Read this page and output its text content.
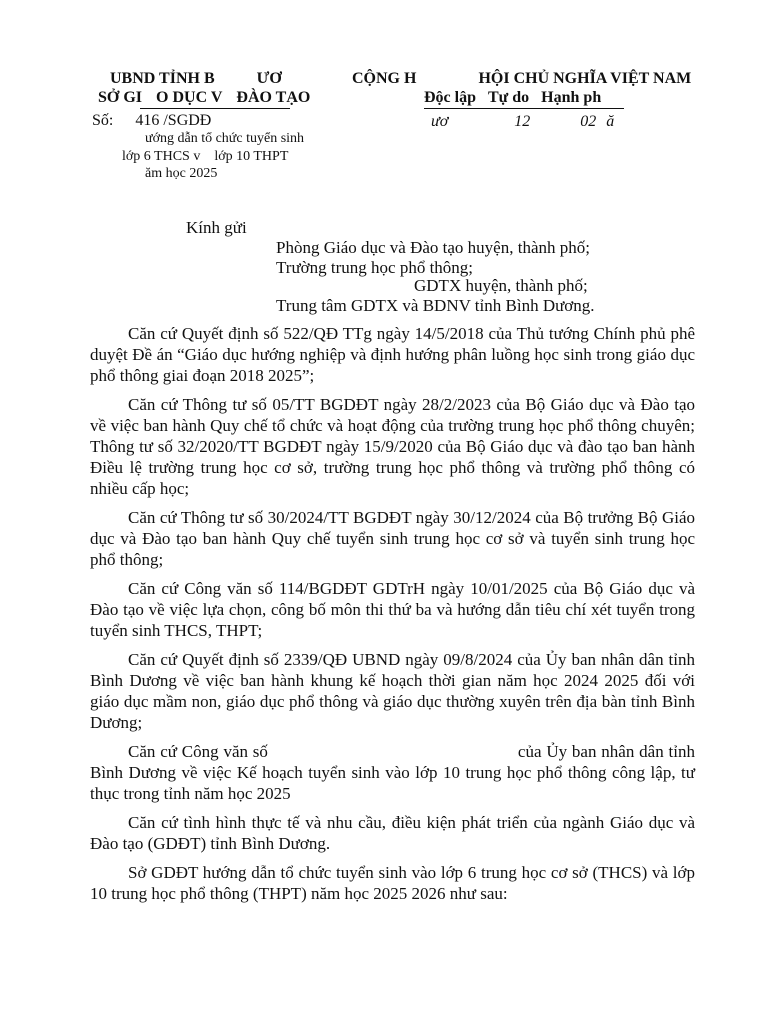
UBND TỈNH B	ƯƠ
SỞ GI O DỤC V ĐÀO TẠO
CỘNG H	HỘI CHỦ NGHĨA VIỆT NAM
Độc lập Tự do Hạnh ph
Số: 416 /SGDĐ	ươ	12	02 ă
ướng dẫn tổ chức tuyển sinh
lớp 6 THCS v lớp 10 THPT
ăm học 2025
Kính gửi
Phòng Giáo dục và Đào tạo huyện, thành phố;
Trường trung học phổ thông;
GDTX huyện, thành phố;
Trung tâm GDTX và BDNV tỉnh Bình Dương.

Căn cứ Quyết định số 522/QĐ TTg ngày 14/5/2018 của Thủ tướng Chính phủ phê duyệt Đề án “Giáo dục hướng nghiệp và định hướng phân luồng học sinh trong giáo dục phổ thông giai đoạn 2018 2025”;

Căn cứ Thông tư số 05/TT BGDĐT ngày 28/2/2023 của Bộ Giáo dục và Đào tạo về việc ban hành Quy chế tổ chức và hoạt động của trường trung học phổ thông chuyên; Thông tư số 32/2020/TT BGDĐT ngày 15/9/2020 của Bộ Giáo dục và đào tạo ban hành Điều lệ trường trung học cơ sở, trường trung học phổ thông và trường phổ thông có nhiều cấp học;

Căn cứ Thông tư số 30/2024/TT BGDĐT ngày 30/12/2024 của Bộ trưởng Bộ Giáo dục và Đào tạo ban hành Quy chế tuyển sinh trung học cơ sở và tuyển sinh trung học phổ thông;

Căn cứ Công văn số 114/BGDĐT GDTrH ngày 10/01/2025 của Bộ Giáo dục và Đào tạo về việc lựa chọn, công bố môn thi thứ ba và hướng dẫn tiêu chí xét tuyển trong tuyển sinh THCS, THPT;

Căn cứ Quyết định số 2339/QĐ UBND ngày 09/8/2024 của Ủy ban nhân dân tỉnh Bình Dương về việc ban hành khung kế hoạch thời gian năm học 2024 2025 đối với giáo dục mầm non, giáo dục phổ thông và giáo dục thường xuyên trên địa bàn tỉnh Bình Dương;

Căn cứ Công văn số	của Ủy ban nhân dân tỉnh Bình Dương về việc Kế hoạch tuyển sinh vào lớp 10 trung học phổ thông công lập, tư thục trong tỉnh năm học 2025

Căn cứ tình hình thực tế và nhu cầu, điều kiện phát triển của ngành Giáo dục và Đào tạo (GDĐT) tỉnh Bình Dương.

Sở GDĐT hướng dẫn tổ chức tuyển sinh vào lớp 6 trung học cơ sở (THCS) và lớp 10 trung học phổ thông (THPT) năm học 2025 2026 như sau:
